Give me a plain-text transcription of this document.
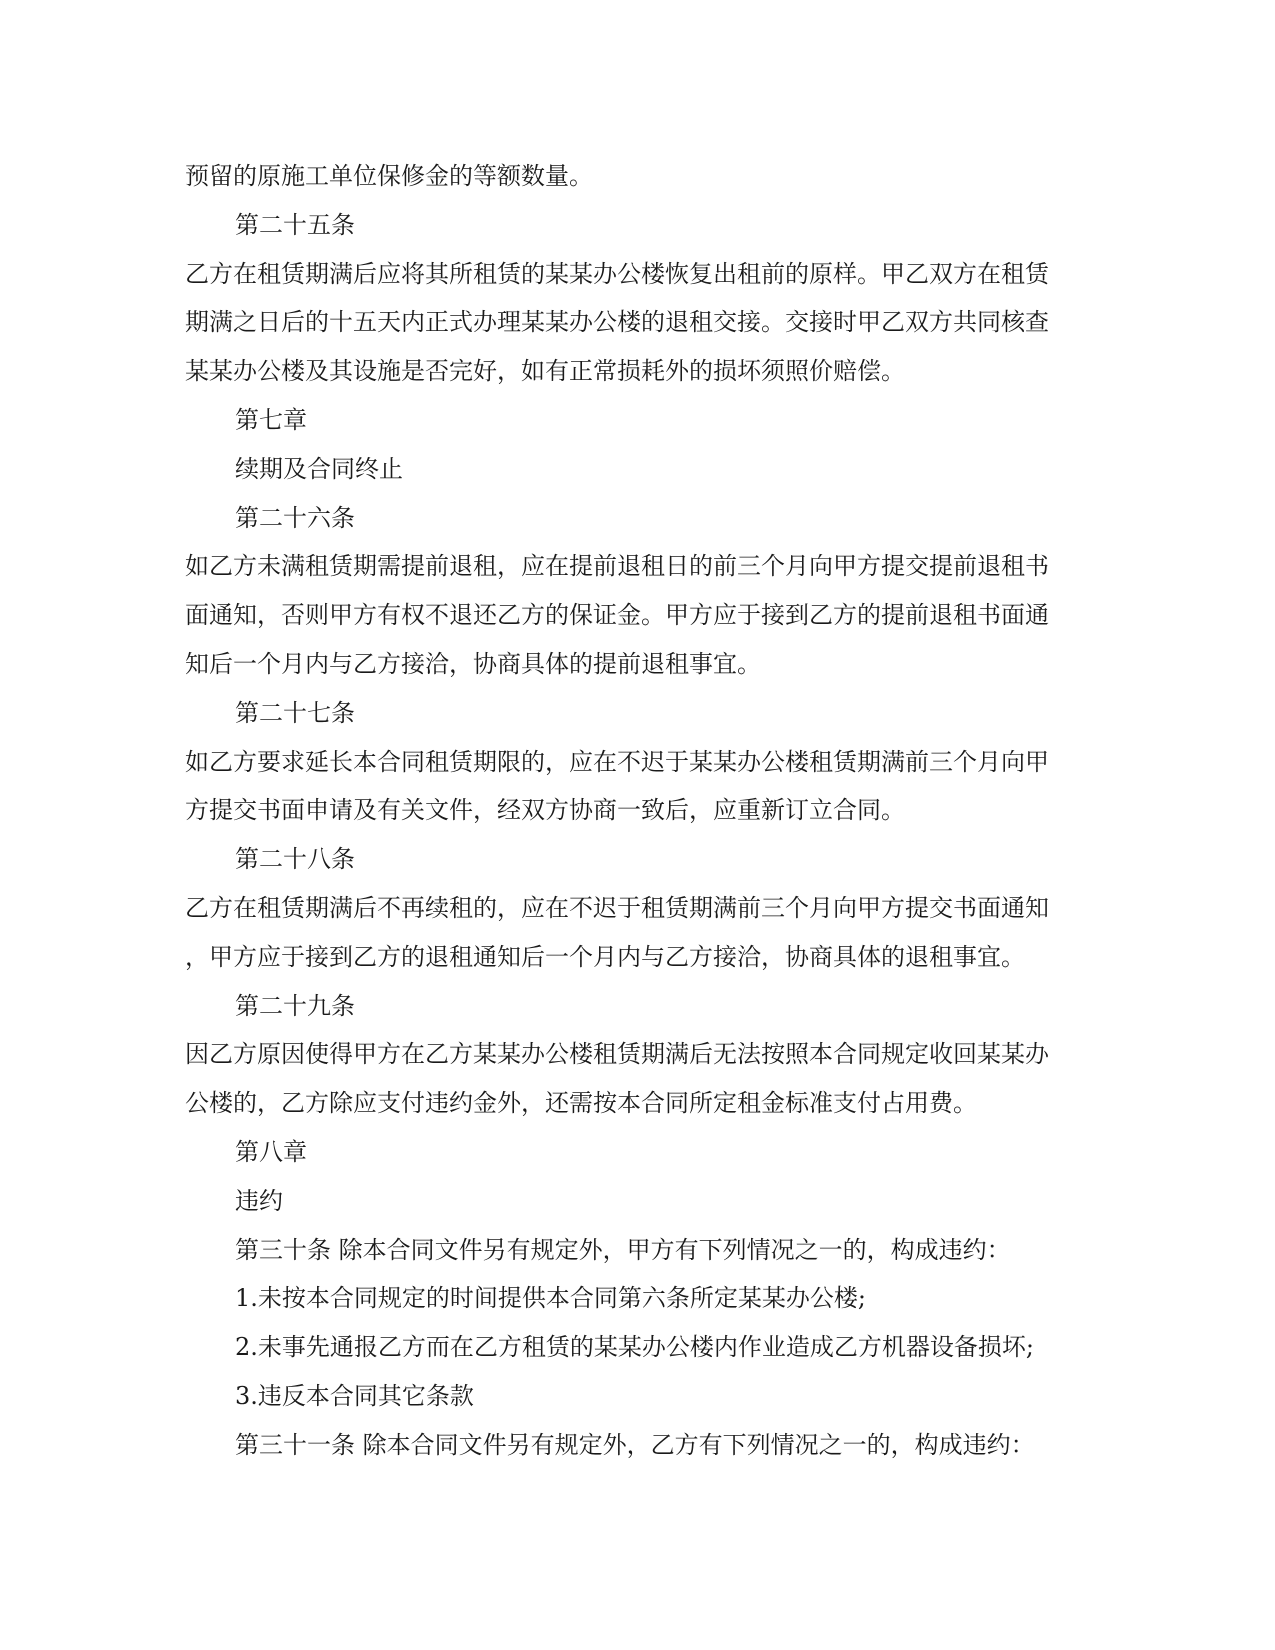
预留的原施工单位保修金的等额数量。
第二十五条
乙方在租赁期满后应将其所租赁的某某办公楼恢复出租前的原样。甲乙双方在租赁
期满之日后的十五天内正式办理某某办公楼的退租交接。交接时甲乙双方共同核查
某某办公楼及其设施是否完好，如有正常损耗外的损坏须照价赔偿。
第七章
续期及合同终止
第二十六条
如乙方未满租赁期需提前退租，应在提前退租日的前三个月向甲方提交提前退租书
面通知，否则甲方有权不退还乙方的保证金。甲方应于接到乙方的提前退租书面通
知后一个月内与乙方接洽，协商具体的提前退租事宜。
第二十七条
如乙方要求延长本合同租赁期限的，应在不迟于某某办公楼租赁期满前三个月向甲
方提交书面申请及有关文件，经双方协商一致后，应重新订立合同。
第二十八条
乙方在租赁期满后不再续租的，应在不迟于租赁期满前三个月向甲方提交书面通知
，甲方应于接到乙方的退租通知后一个月内与乙方接洽，协商具体的退租事宜。
第二十九条
因乙方原因使得甲方在乙方某某办公楼租赁期满后无法按照本合同规定收回某某办
公楼的，乙方除应支付违约金外，还需按本合同所定租金标准支付占用费。
第八章
违约
第三十条 除本合同文件另有规定外，甲方有下列情况之一的，构成违约：
1.未按本合同规定的时间提供本合同第六条所定某某办公楼;
2.未事先通报乙方而在乙方租赁的某某办公楼内作业造成乙方机器设备损坏;
3.违反本合同其它条款
第三十一条 除本合同文件另有规定外，乙方有下列情况之一的，构成违约：
